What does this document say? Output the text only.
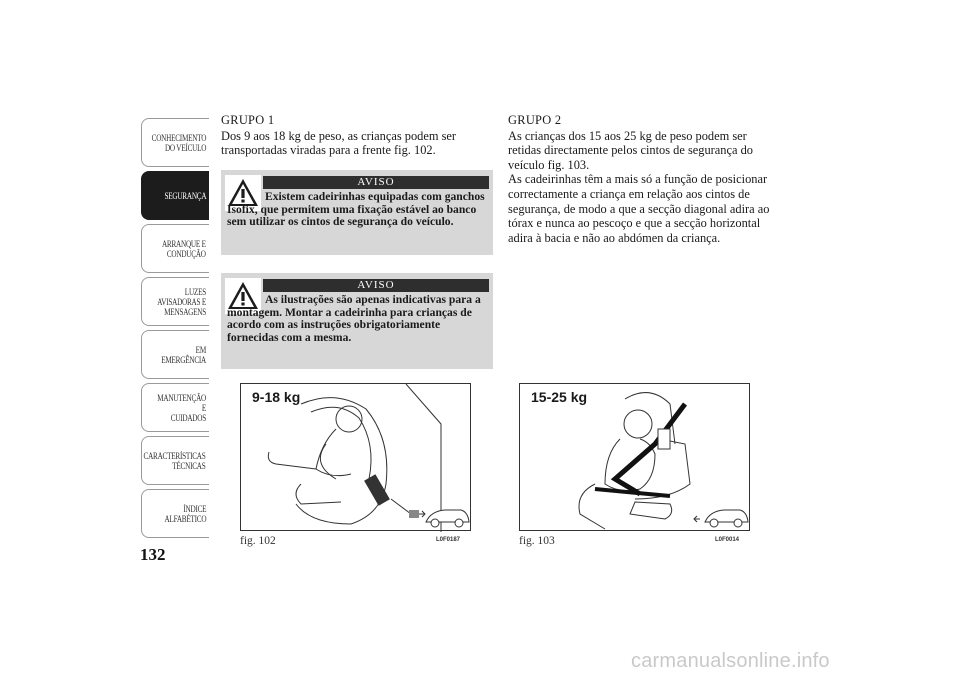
CONHECIMENTO
DO VEÍCULO
SEGURANÇA
ARRANQUE E
CONDUÇÃO
LUZES
AVISADORAS E
MENSAGENS
EM EMERGÊNCIA
MANUTENÇÃO E
CUIDADOS
CARACTERÍSTICAS
TÉCNICAS
ÍNDICE
ALFABÉTICO
132
GRUPO 1

Dos 9 aos 18 kg de peso, as crianças podem ser transportadas viradas para a frente fig. 102.

AVISO
Existem cadeirinhas equipadas com ganchos Isofix, que permitem uma fixação estável ao banco sem utilizar os cintos de segurança do veículo.
AVISO
As ilustrações são apenas indicativas para a montagem. Montar a cadeirinha para crianças de acordo com as instruções obrigatoriamente fornecidas com a mesma.
GRUPO 2

As crianças dos 15 aos 25 kg de peso podem ser retidas directamente pelos cintos de segurança do veículo fig. 103.

As cadeirinhas têm a mais só a função de posicionar correctamente a criança em relação aos cintos de segurança, de modo a que a secção diagonal adira ao tórax e nunca ao pescoço e que a secção horizontal adira à bacia e não ao abdómen da criança.

9-18 kg
fig. 102	L0F0187
15-25 kg
fig. 103	L0F0014
carmanualsonline.info
